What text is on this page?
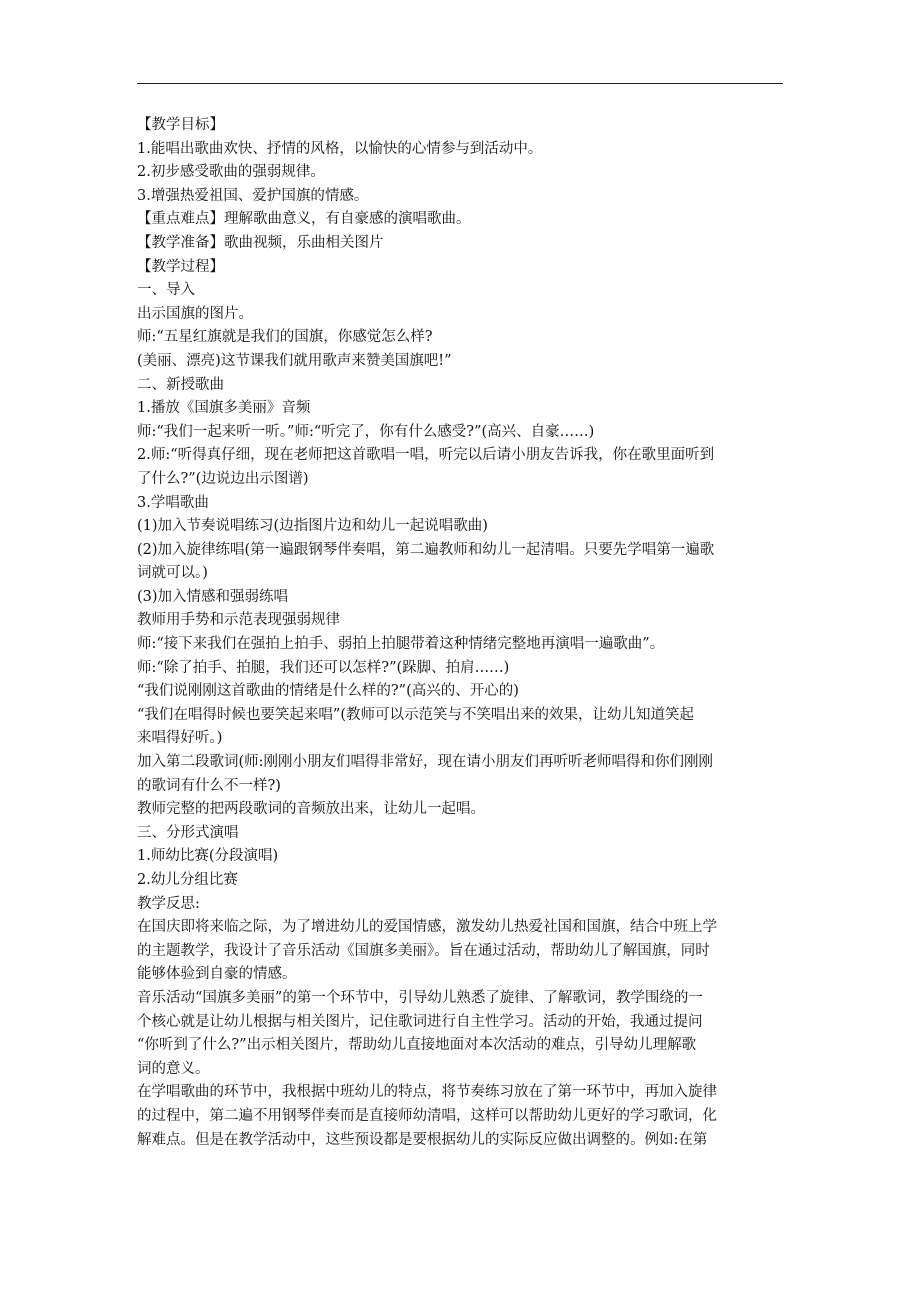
【教学目标】
1.能唱出歌曲欢快、抒情的风格，以愉快的心情参与到活动中。
2.初步感受歌曲的强弱规律。
3.增强热爱祖国、爱护国旗的情感。
【重点难点】理解歌曲意义，有自豪感的演唱歌曲。
【教学准备】歌曲视频，乐曲相关图片
【教学过程】
一、导入
出示国旗的图片。
师:“五星红旗就是我们的国旗，你感觉怎么样?
(美丽、漂亮)这节课我们就用歌声来赞美国旗吧!”
二、新授歌曲
1.播放《国旗多美丽》音频
师:“我们一起来听一听。”师:“听完了，你有什么感受?”(高兴、自豪……)
2.师:“听得真仔细，现在老师把这首歌唱一唱，听完以后请小朋友告诉我，你在歌里面听到
了什么?”(边说边出示图谱)
3.学唱歌曲
(1)加入节奏说唱练习(边指图片边和幼儿一起说唱歌曲)
(2)加入旋律练唱(第一遍跟钢琴伴奏唱，第二遍教师和幼儿一起清唱。只要先学唱第一遍歌
词就可以。)
(3)加入情感和强弱练唱
教师用手势和示范表现强弱规律
师:“接下来我们在强拍上拍手、弱拍上拍腿带着这种情绪完整地再演唱一遍歌曲”。
师:“除了拍手、拍腿，我们还可以怎样?”(跺脚、拍肩……)
“我们说刚刚这首歌曲的情绪是什么样的?”(高兴的、开心的)
“我们在唱得时候也要笑起来唱”(教师可以示范笑与不笑唱出来的效果，让幼儿知道笑起
来唱得好听。)
加入第二段歌词(师:刚刚小朋友们唱得非常好，现在请小朋友们再听听老师唱得和你们刚刚
的歌词有什么不一样?)
教师完整的把两段歌词的音频放出来，让幼儿一起唱。
三、分形式演唱
1.师幼比赛(分段演唱)
2.幼儿分组比赛
教学反思:
在国庆即将来临之际，为了增进幼儿的爱国情感，激发幼儿热爱社国和国旗，结合中班上学
的主题教学，我设计了音乐活动《国旗多美丽》。旨在通过活动，帮助幼儿了解国旗，同时
能够体验到自豪的情感。
音乐活动“国旗多美丽”的第一个环节中，引导幼儿熟悉了旋律、了解歌词，教学围绕的一
个核心就是让幼儿根据与相关图片，记住歌词进行自主性学习。活动的开始，我通过提问
“你听到了什么?”出示相关图片，帮助幼儿直接地面对本次活动的难点，引导幼儿理解歌
词的意义。
在学唱歌曲的环节中，我根据中班幼儿的特点，将节奏练习放在了第一环节中，再加入旋律
的过程中，第二遍不用钢琴伴奏而是直接师幼清唱，这样可以帮助幼儿更好的学习歌词，化
解难点。但是在教学活动中，这些预设都是要根据幼儿的实际反应做出调整的。例如:在第
